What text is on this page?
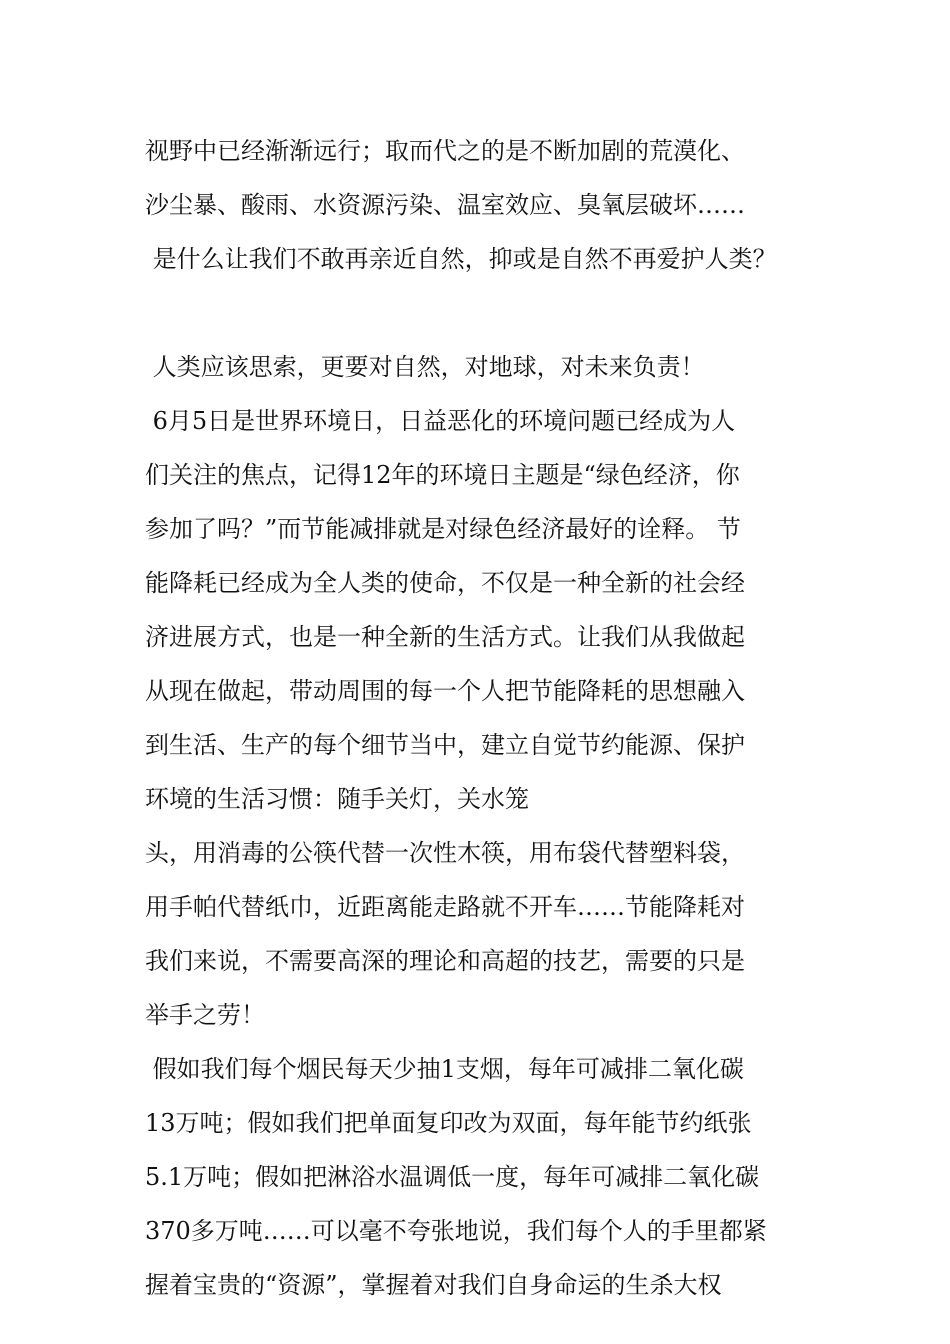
视野中已经渐渐远行；取而代之的是不断加剧的荒漠化、

沙尘暴、酸雨、水资源污染、温室效应、臭氧层破坏……

是什么让我们不敢再亲近自然，抑或是自然不再爱护人类？

人类应该思索，更要对自然，对地球，对未来负责！

6月5日是世界环境日，日益恶化的环境问题已经成为人

们关注的焦点，记得12年的环境日主题是“绿色经济，你

参加了吗？”而节能减排就是对绿色经济最好的诠释。 节

能降耗已经成为全人类的使命，不仅是一种全新的社会经

济进展方式，也是一种全新的生活方式。让我们从我做起

从现在做起，带动周围的每一个人把节能降耗的思想融入

到生活、生产的每个细节当中，建立自觉节约能源、保护

环境的生活习惯：随手关灯，关水笼

头，用消毒的公筷代替一次性木筷，用布袋代替塑料袋，

用手帕代替纸巾，近距离能走路就不开车……节能降耗对

我们来说，不需要高深的理论和高超的技艺，需要的只是

举手之劳！

假如我们每个烟民每天少抽1支烟，每年可减排二氧化碳

13万吨；假如我们把单面复印改为双面，每年能节约纸张

5.1万吨；假如把淋浴水温调低一度，每年可减排二氧化碳

370多万吨……可以毫不夸张地说，我们每个人的手里都紧

握着宝贵的“资源”，掌握着对我们自身命运的生杀大权
